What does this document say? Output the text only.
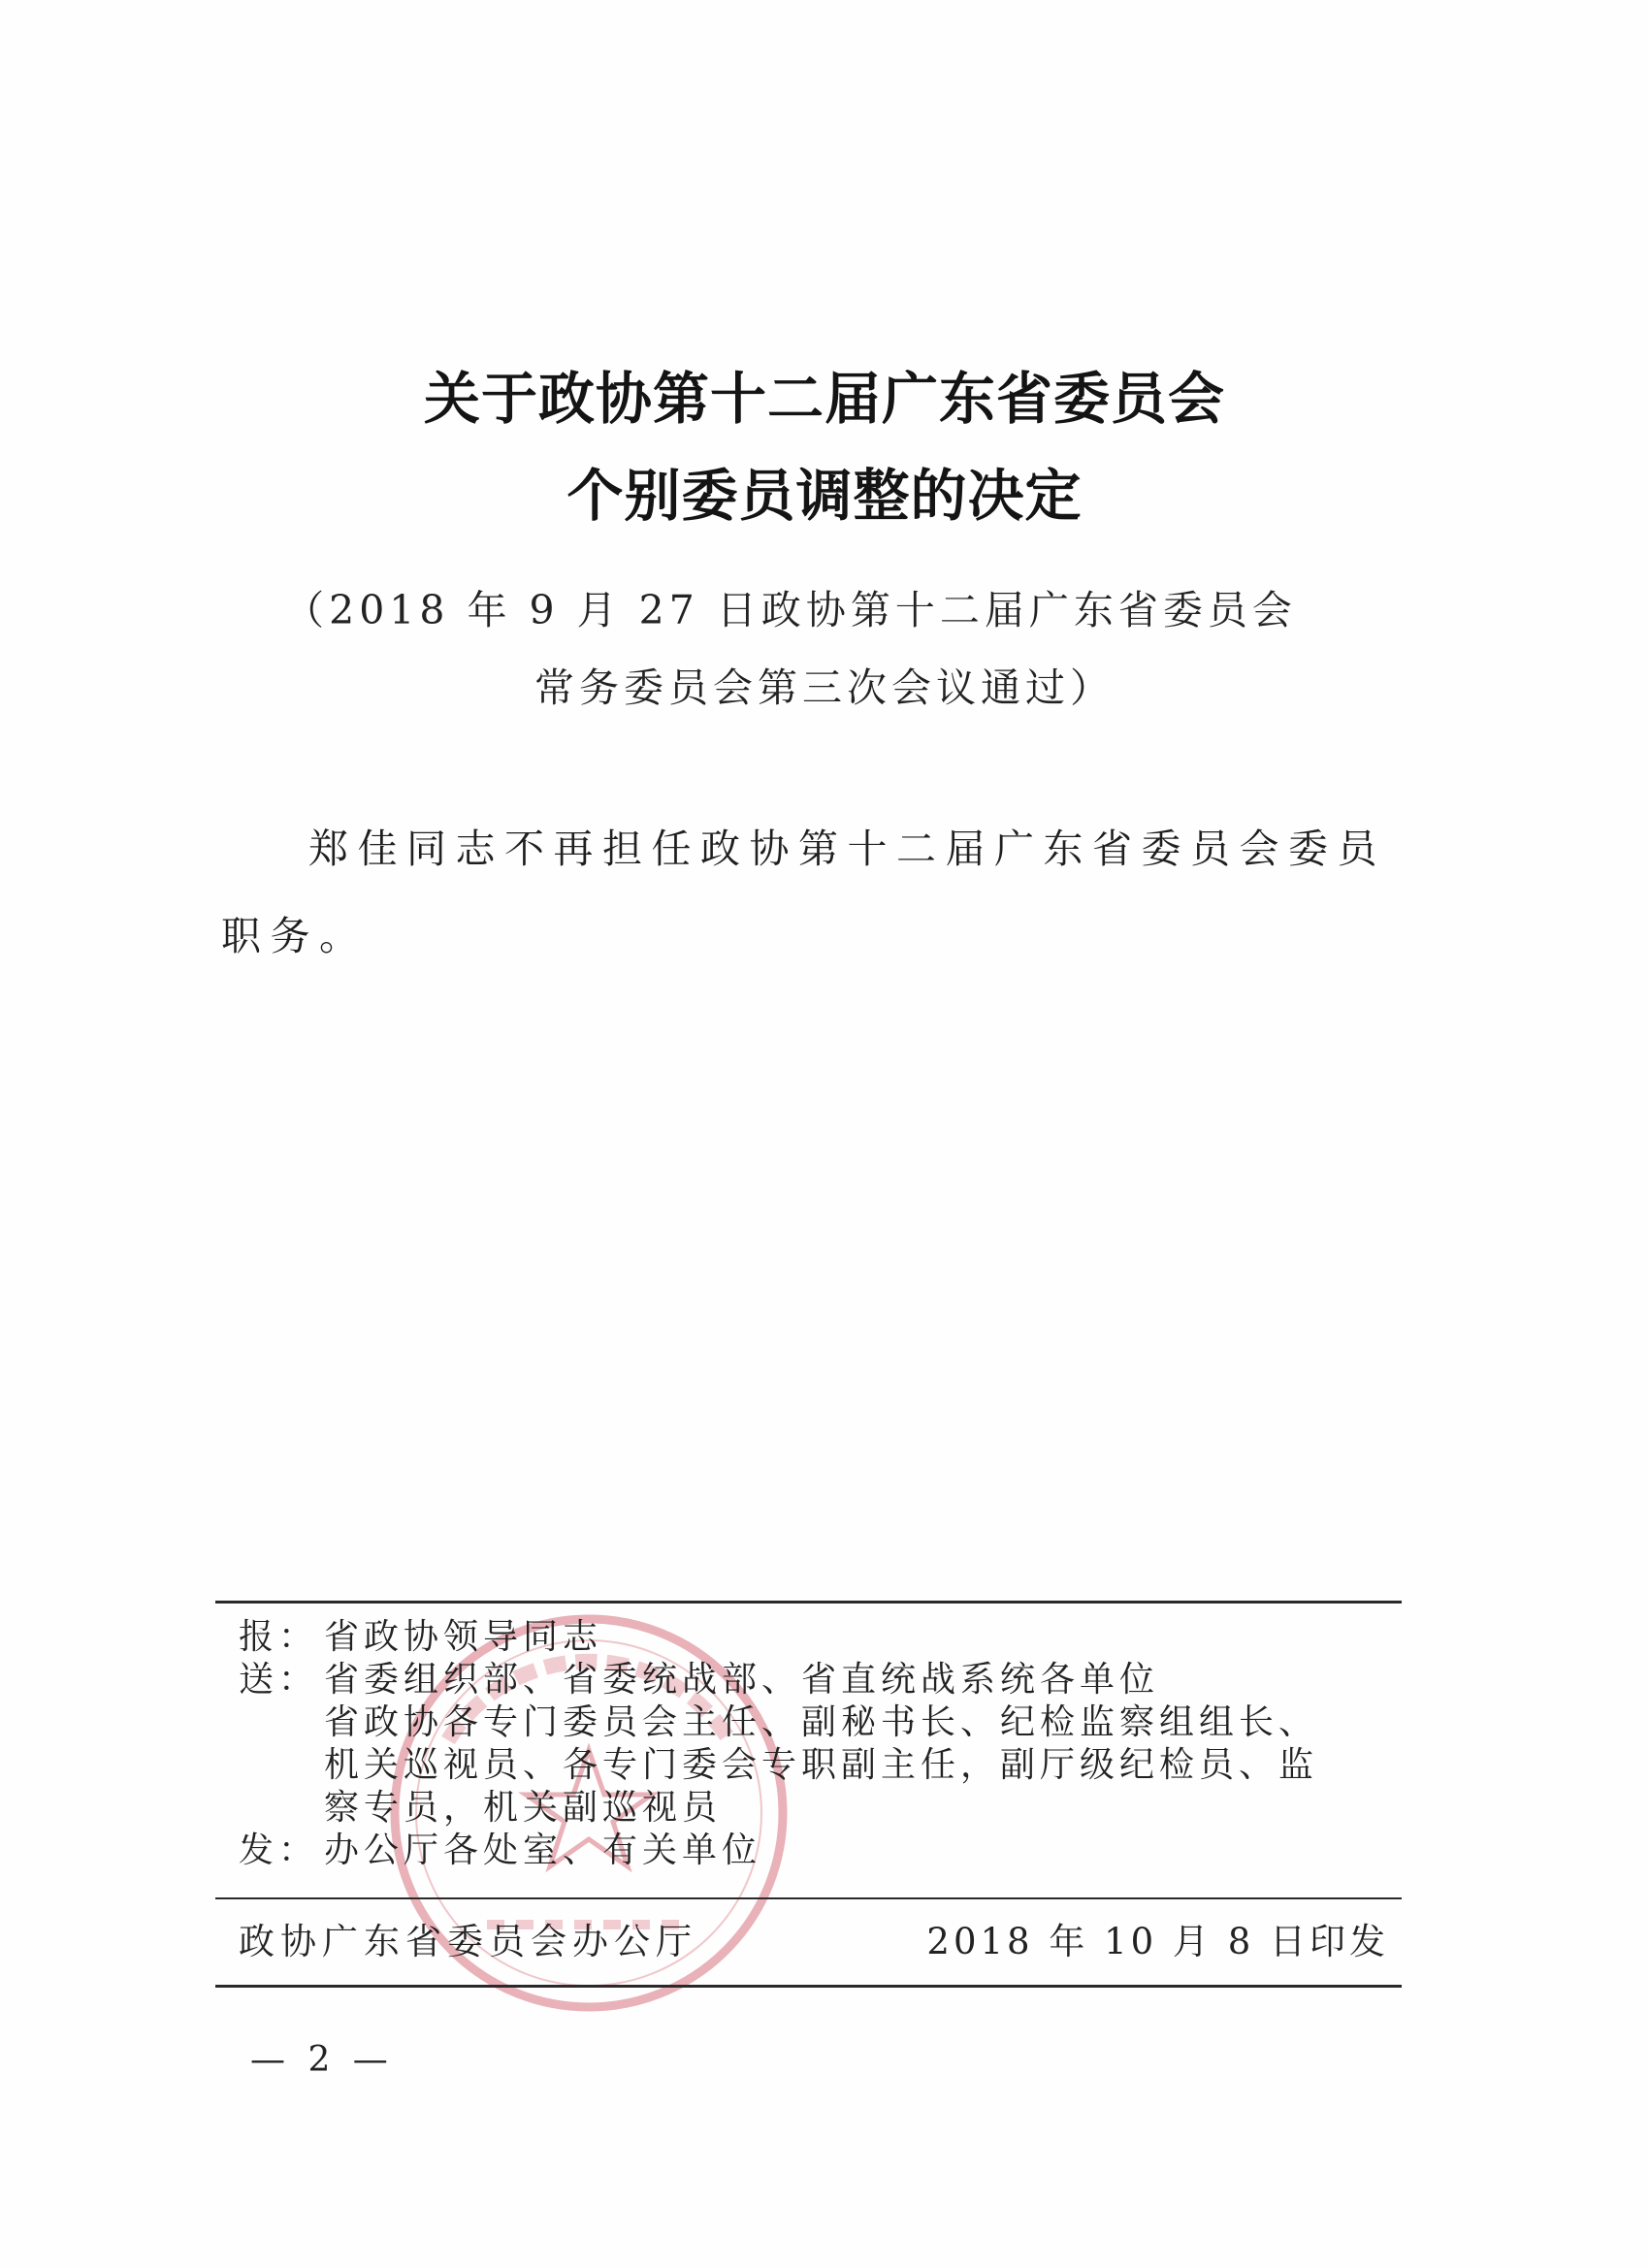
关于政协第十二届广东省委员会
个别委员调整的决定
（2018 年 9 月 27 日政协第十二届广东省委员会
常务委员会第三次会议通过）

郑佳同志不再担任政协第十二届广东省委员会委员职务。

报： 省政协领导同志
送： 省委组织部、省委统战部、省直统战系统各单位
省政协各专门委员会主任、副秘书长、纪检监察组组长、
机关巡视员、各专门委会专职副主任，副厅级纪检员、监
察专员，机关副巡视员
发： 办公厅各处室、有关单位
政协广东省委员会办公厅	2018 年 10 月 8 日印发
— 2 —
